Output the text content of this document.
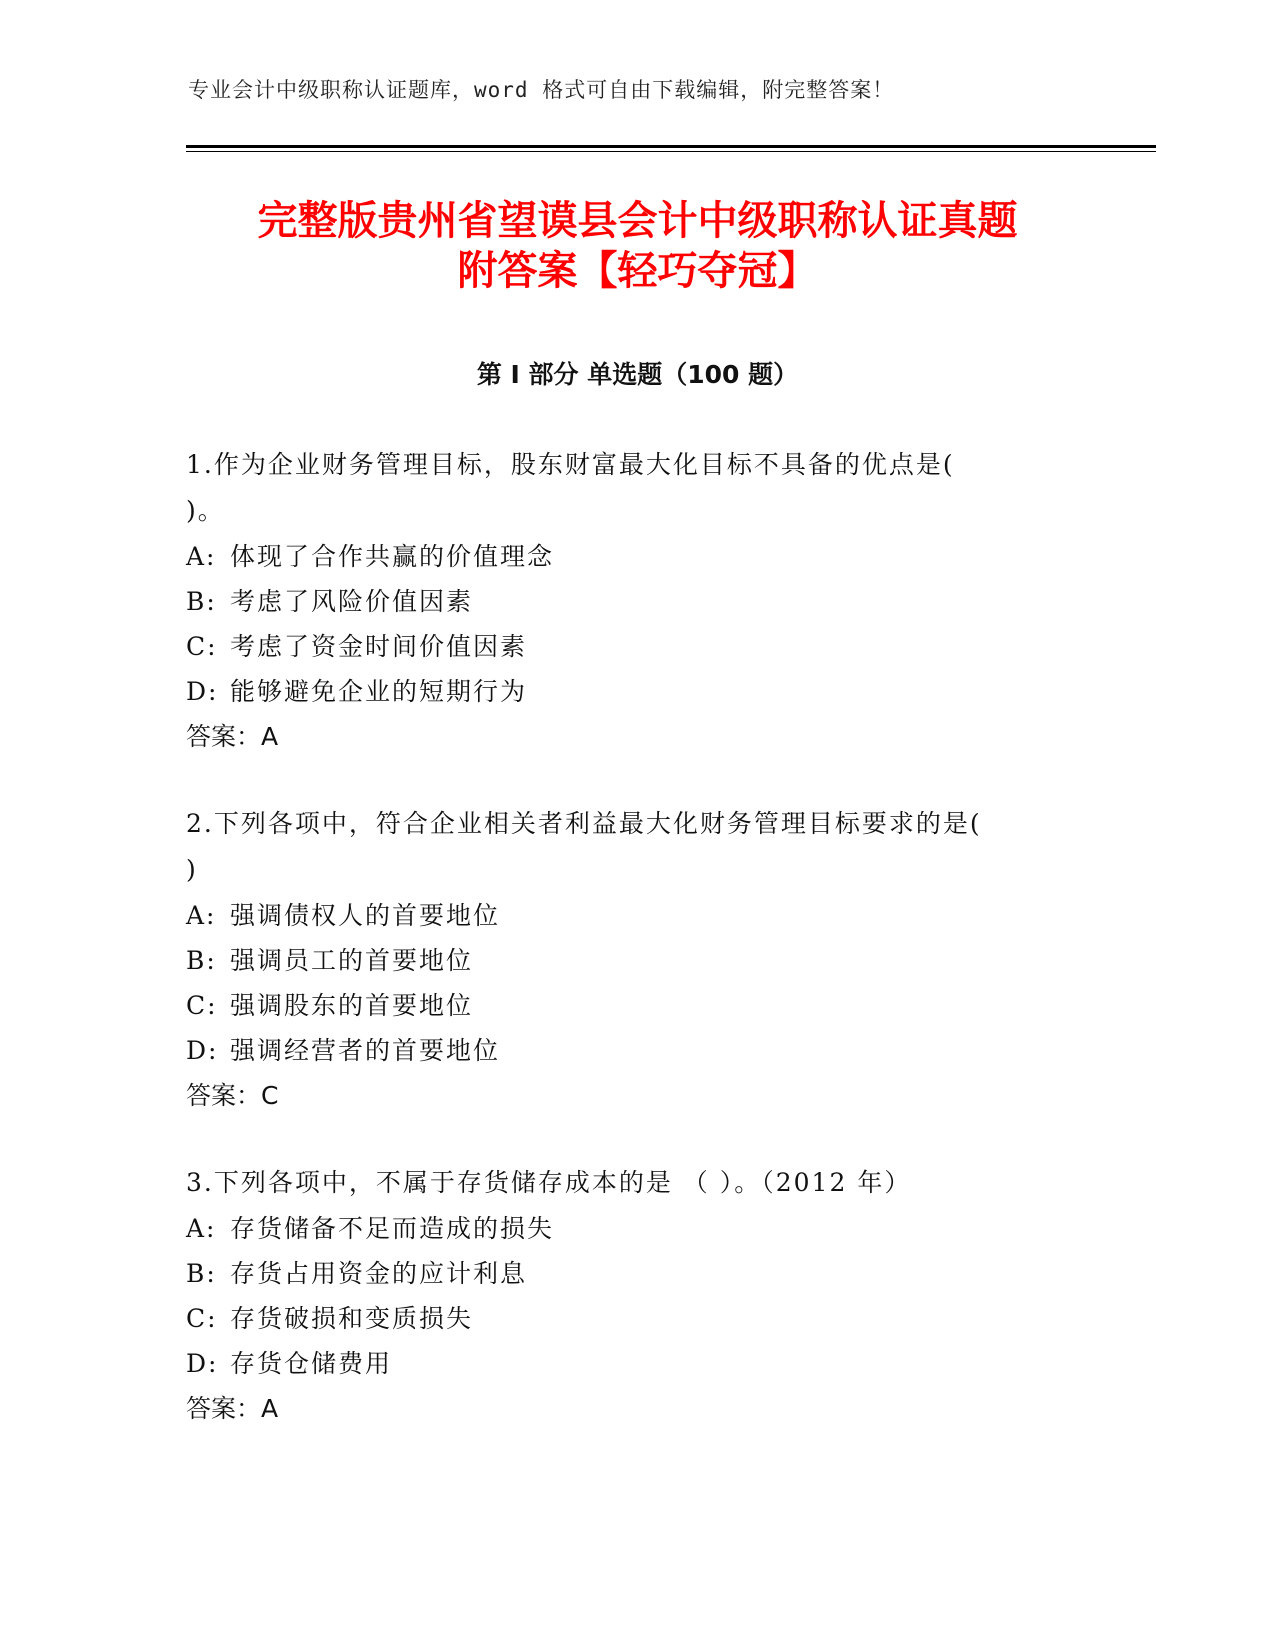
专业会计中级职称认证题库，word 格式可自由下载编辑，附完整答案！
完整版贵州省望谟县会计中级职称认证真题
附答案【轻巧夺冠】
第 I 部分 单选题（100 题）
1.作为企业财务管理目标，股东财富最大化目标不具备的优点是(
)。
A: 体现了合作共赢的价值理念
B: 考虑了风险价值因素
C: 考虑了资金时间价值因素
D: 能够避免企业的短期行为
答案：A
2.下列各项中，符合企业相关者利益最大化财务管理目标要求的是(
)
A: 强调债权人的首要地位
B: 强调员工的首要地位
C: 强调股东的首要地位
D: 强调经营者的首要地位
答案：C
3.下列各项中，不属于存货储存成本的是 （ ）。（2012 年）
A: 存货储备不足而造成的损失
B: 存货占用资金的应计利息
C: 存货破损和变质损失
D: 存货仓储费用
答案：A
